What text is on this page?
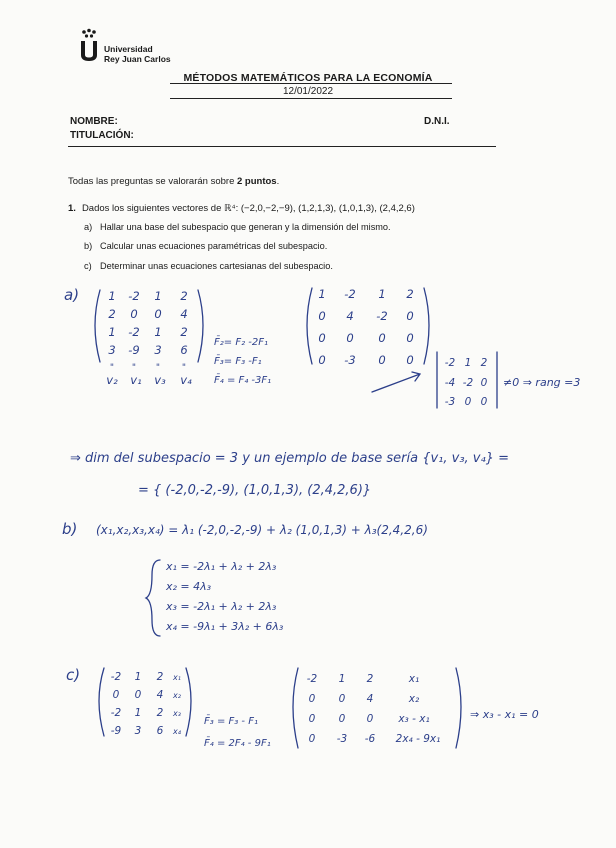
Universidad
Rey Juan Carlos
MÉTODOS MATEMÁTICOS PARA LA ECONOMÍA
12/01/2022
NOMBRE:
TITULACIÓN:
D.N.I.
Todas las preguntas se valorarán sobre 2 puntos.
1. Dados los siguientes vectores de ℝ⁴: (−2,0,−2,−9), (1,2,1,3), (1,0,1,3), (2,4,2,6)
a) Hallar una base del subespacio que generan y la dimensión del mismo.
b) Calcular unas ecuaciones paramétricas del subespacio.
c) Determinar unas ecuaciones cartesianas del subespacio.
a)	1 -2 1 2
2 0 0 4
1 -2 1 2
3 -9 3 6
" " " "
v₂ v₁ v₃ v₄
F̄₂= F₂ -2F₁
F̄₃= F₃ -F₁
F̄₄ = F₄ -3F₁
1 -2 1 2
0 4 -2 0
0 0 0 0
0 -3 0 0	-2 1 2
-4 -2 0
-3 0 0
≠0 ⇒ rang =3
⇒ dim del subespacio = 3 y un ejemplo de base sería {v₁, v₃, v₄} =
= { (-2,0,-2,-9), (1,0,1,3), (2,4,2,6)}
b) (x₁,x₂,x₃,x₄) = λ₁ (-2,0,-2,-9) + λ₂ (1,0,1,3) + λ₃(2,4,2,6)
x₁ = -2λ₁ + λ₂ + 2λ₃
x₂ = 4λ₃
x₃ = -2λ₁ + λ₂ + 2λ₃
x₄ = -9λ₁ + 3λ₂ + 6λ₃
c)	-2 1 2 x₁
0 0 4 x₂
-2 1 2 x₃
-9 3 6 x₄
F̄₃ = F₃ - F₁
F̄₄ = 2F₄ - 9F₁
-2 1 2	x₁
0 0 4	x₂
0 0 0 x₃ - x₁
0 -3 -6 2x₄ - 9x₁
⇒ x₃ - x₁ = 0
